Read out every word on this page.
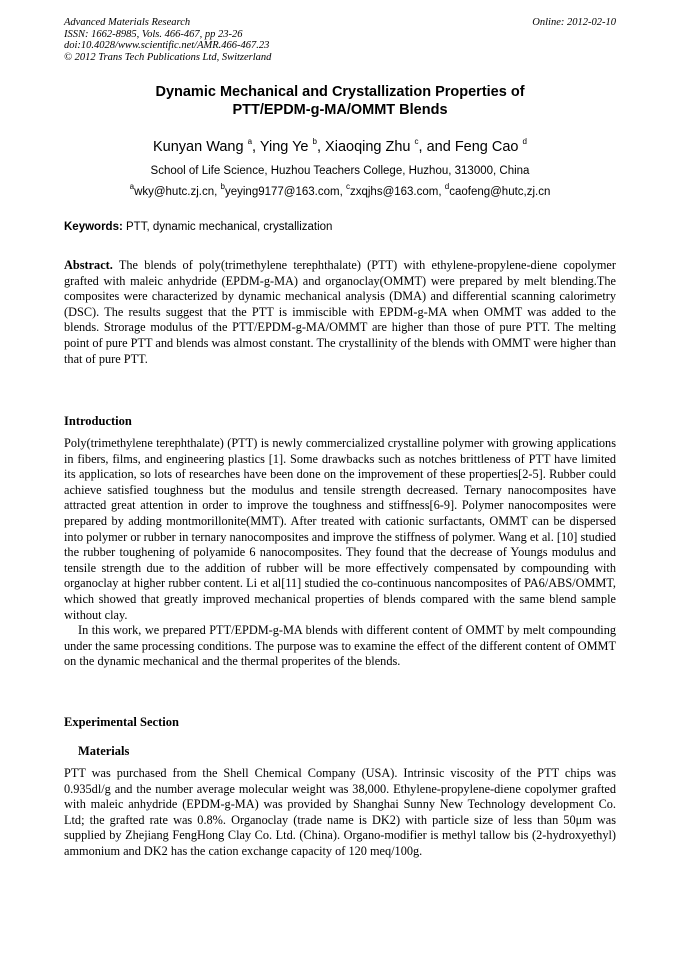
Advanced Materials Research
ISSN: 1662-8985, Vols. 466-467, pp 23-26
doi:10.4028/www.scientific.net/AMR.466-467.23
© 2012 Trans Tech Publications Ltd, Switzerland
Online: 2012-02-10
Dynamic Mechanical and Crystallization Properties of
PTT/EPDM-g-MA/OMMT Blends
Kunyan Wang $^a$, Ying Ye $^b$, Xiaoqing Zhu $^c$, and Feng Cao $^d$
School of Life Science, Huzhou Teachers College, Huzhou, 313000, China
$^a$wky@hutc.zj.cn, $^b$yeying9177@163.com, $^c$zxqjhs@163.com, $^d$caofeng@hutc,zj.cn
Keywords: PTT, dynamic mechanical, crystallization
Abstract. The blends of poly(trimethylene terephthalate) (PTT) with ethylene-propylene-diene copolymer grafted with maleic anhydride (EPDM-g-MA) and organoclay(OMMT) were prepared by melt blending.The composites were characterized by dynamic mechanical analysis (DMA) and differential scanning calorimetry (DSC). The results suggest that the PTT is immiscible with EPDM-g-MA when OMMT was added to the blends. Strorage modulus of the PTT/EPDM-g-MA/OMMT are higher than those of pure PTT. The melting point of pure PTT and blends was almost constant. The crystallinity of the blends with OMMT were higher than that of pure PTT.
Introduction

Poly(trimethylene terephthalate) (PTT) is newly commercialized crystalline polymer with growing applications in fibers, films, and engineering plastics [1]. Some drawbacks such as notches brittleness of PTT have limited its application, so lots of researches have been done on the improvement of these properties[2-5]. Rubber could achieve satisfied toughness but the modulus and tensile strength decreased. Ternary nanocomposites have attracted great attention in order to improve the toughness and stiffness[6-9]. Polymer nanocomposites were prepared by adding montmorillonite(MMT). After treated with cationic surfactants, OMMT can be dispersed into polymer or rubber in ternary nanocomposites and improve the stiffness of polymer. Wang et al. [10] studied the rubber toughening of polyamide 6 nanocomposites. They found that the decrease of Youngs modulus and tensile strength due to the addition of rubber will be more effectively compensated by compounding with organoclay at higher rubber content. Li et al[11] studied the co-continuous nancomposites of PA6/ABS/OMMT, which showed that greatly improved mechanical properties of blends compared with the same blend sample without clay.

In this work, we prepared PTT/EPDM-g-MA blends with different content of OMMT by melt compounding under the same processing conditions. The purpose was to examine the effect of the different content of OMMT on the dynamic mechanical and the thermal properites of the blends.

Experimental Section
Materials
PTT was purchased from the Shell Chemical Company (USA). Intrinsic viscosity of the PTT chips was 0.935dl/g and the number average molecular weight was 38,000. Ethylene-propylene-diene copolymer grafted with maleic anhydride (EPDM-g-MA) was provided by Shanghai Sunny New Technology development Co. Ltd; the grafted rate was 0.8%. Organoclay (trade name is DK2) with particle size of less than 50μm was supplied by Zhejiang FengHong Clay Co. Ltd. (China). Organo-modifier is methyl tallow bis (2-hydroxyethyl) ammonium and DK2 has the cation exchange capacity of 120 meq/100g.
